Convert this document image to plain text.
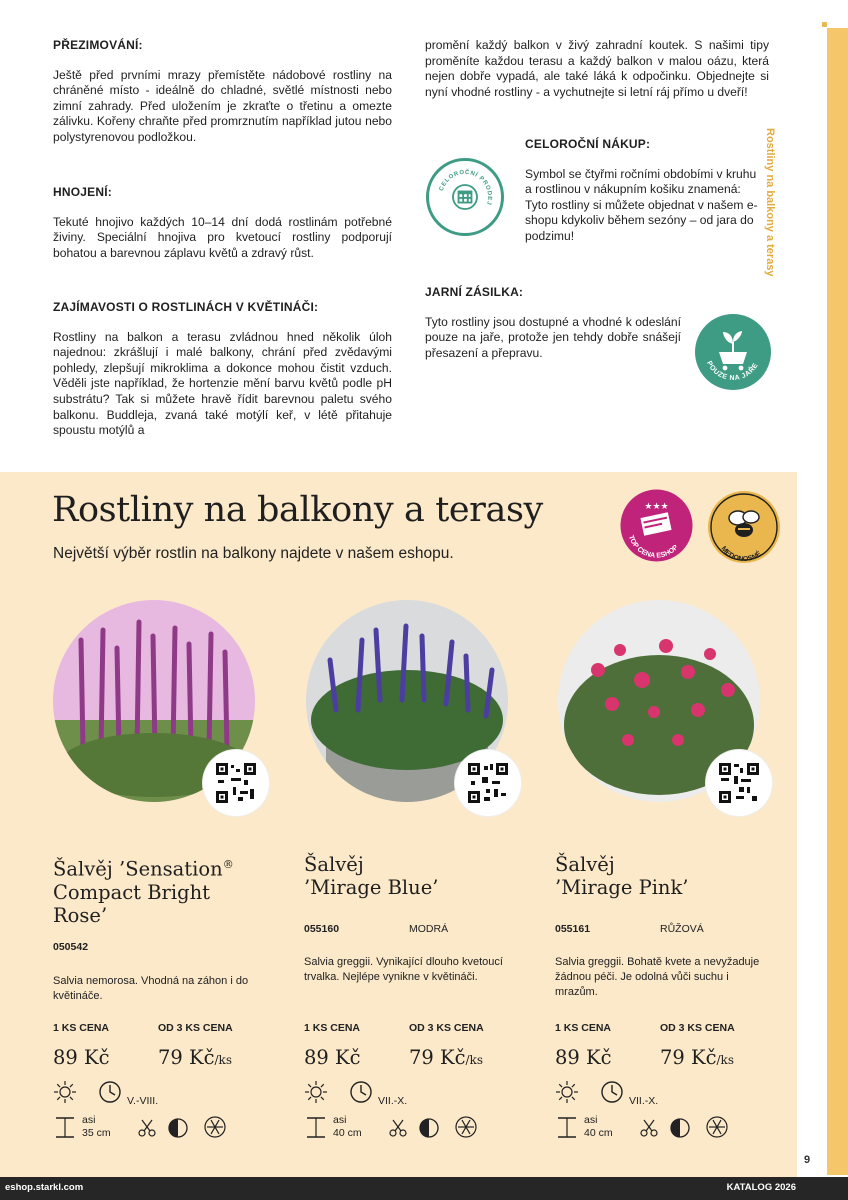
Rostliny na balkony a terasy
PŘEZIMOVÁNÍ:

Ještě před prvními mrazy přemístěte nádobové rostliny na chráněné místo - ideálně do chladné, světlé místnosti nebo zimní zahrady. Před uložením je zkraťte o třetinu a omezte zálivku. Kořeny chraňte před promrznutím například jutou nebo polystyrenovou podložkou.

HNOJENÍ:

Tekuté hnojivo každých 10–14 dní dodá rostlinám potřebné živiny. Speciální hnojiva pro kvetoucí rostliny podporují bohatou a barevnou záplavu květů a zdravý růst.

ZAJÍMAVOSTI O ROSTLINÁCH V KVĚTINÁČI:

Rostliny na balkon a terasu zvládnou hned několik úloh najednou: zkrášlují i malé balkony, chrání před zvědavými pohledy, zlepšují mikroklima a dokonce mohou čistit vzduch. Věděli jste například, že hortenzie mění barvu květů podle pH substrátu? Tak si můžete hravě řídit barevnou paletu svého balkonu. Buddleja, zvaná také motýlí keř, v létě přitahuje spoustu motýlů a

promění každý balkon v živý zahradní koutek. S našimi tipy proměníte každou terasu a každý balkon v malou oázu, která nejen dobře vypadá, ale také láká k odpočinku. Objednejte si nyní vhodné rostliny - a vychutnejte si letní ráj přímo u dveří!

CELOROČNÍ NÁKUP:

Symbol se čtyřmi ročními obdobími v kruhu a rostlinou v nákupním košiku znamená: Tyto rostliny si můžete objednat v našem e-shopu kdykoliv během sezóny – od jara do podzimu!

JARNÍ ZÁSILKA:

Tyto rostliny jsou dostupné a vhodné k odeslání pouze na jaře, protože jen tehdy dobře snášejí přesazení a přepravu.

CELOROČNÍ PRODEJ
POUZE NA JAŘE
Rostliny na balkony a terasy
Největší výběr rostlin na balkony najdete v našem eshopu.
★★★
TOP CENA ESHOP	MEDONOSNÉ
Šalvěj ’Sensation®
Compact Bright
Rose’
050542
Salvia nemorosa. Vhodná na záhon i do květináče.
1 KS CENA	OD 3 KS CENA
89 Kč 79 Kč/ks
Šalvěj
’Mirage Blue’
055160	MODRÁ
Salvia greggii. Vynikající dlouho kvetoucí trvalka. Nejlépe vynikne v květináči.
1 KS CENA	OD 3 KS CENA
89 Kč 79 Kč/ks
Šalvěj
’Mirage Pink’
055161	RŮŽOVÁ
Salvia greggii. Bohatě kvete a nevyžaduje žádnou péči. Je odolná vůči suchu i mrazům.
1 KS CENA	OD 3 KS CENA
89 Kč 79 Kč/ks
V.-VIII.	VII.-X.	VII.-X.
asi
35 cm
asi
40 cm
asi
40 cm
9
eshop.starkl.com	KATALOG 2026
